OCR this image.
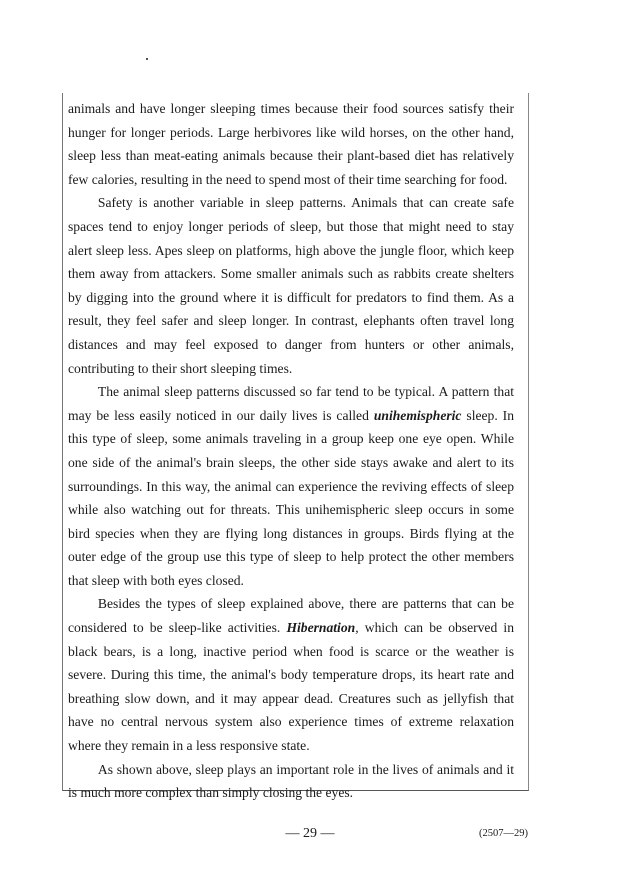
animals and have longer sleeping times because their food sources satisfy their hunger for longer periods. Large herbivores like wild horses, on the other hand, sleep less than meat-eating animals because their plant-based diet has relatively few calories, resulting in the need to spend most of their time searching for food.

Safety is another variable in sleep patterns. Animals that can create safe spaces tend to enjoy longer periods of sleep, but those that might need to stay alert sleep less. Apes sleep on platforms, high above the jungle floor, which keep them away from attackers. Some smaller animals such as rabbits create shelters by digging into the ground where it is difficult for predators to find them. As a result, they feel safer and sleep longer. In contrast, elephants often travel long distances and may feel exposed to danger from hunters or other animals, contributing to their short sleeping times.

The animal sleep patterns discussed so far tend to be typical. A pattern that may be less easily noticed in our daily lives is called unihemispheric sleep. In this type of sleep, some animals traveling in a group keep one eye open. While one side of the animal's brain sleeps, the other side stays awake and alert to its surroundings. In this way, the animal can experience the reviving effects of sleep while also watching out for threats. This unihemispheric sleep occurs in some bird species when they are flying long distances in groups. Birds flying at the outer edge of the group use this type of sleep to help protect the other members that sleep with both eyes closed.

Besides the types of sleep explained above, there are patterns that can be considered to be sleep-like activities. Hibernation, which can be observed in black bears, is a long, inactive period when food is scarce or the weather is severe. During this time, the animal's body temperature drops, its heart rate and breathing slow down, and it may appear dead. Creatures such as jellyfish that have no central nervous system also experience times of extreme relaxation where they remain in a less responsive state.

As shown above, sleep plays an important role in the lives of animals and it is much more complex than simply closing the eyes.

— 29 —	(2507—29)
